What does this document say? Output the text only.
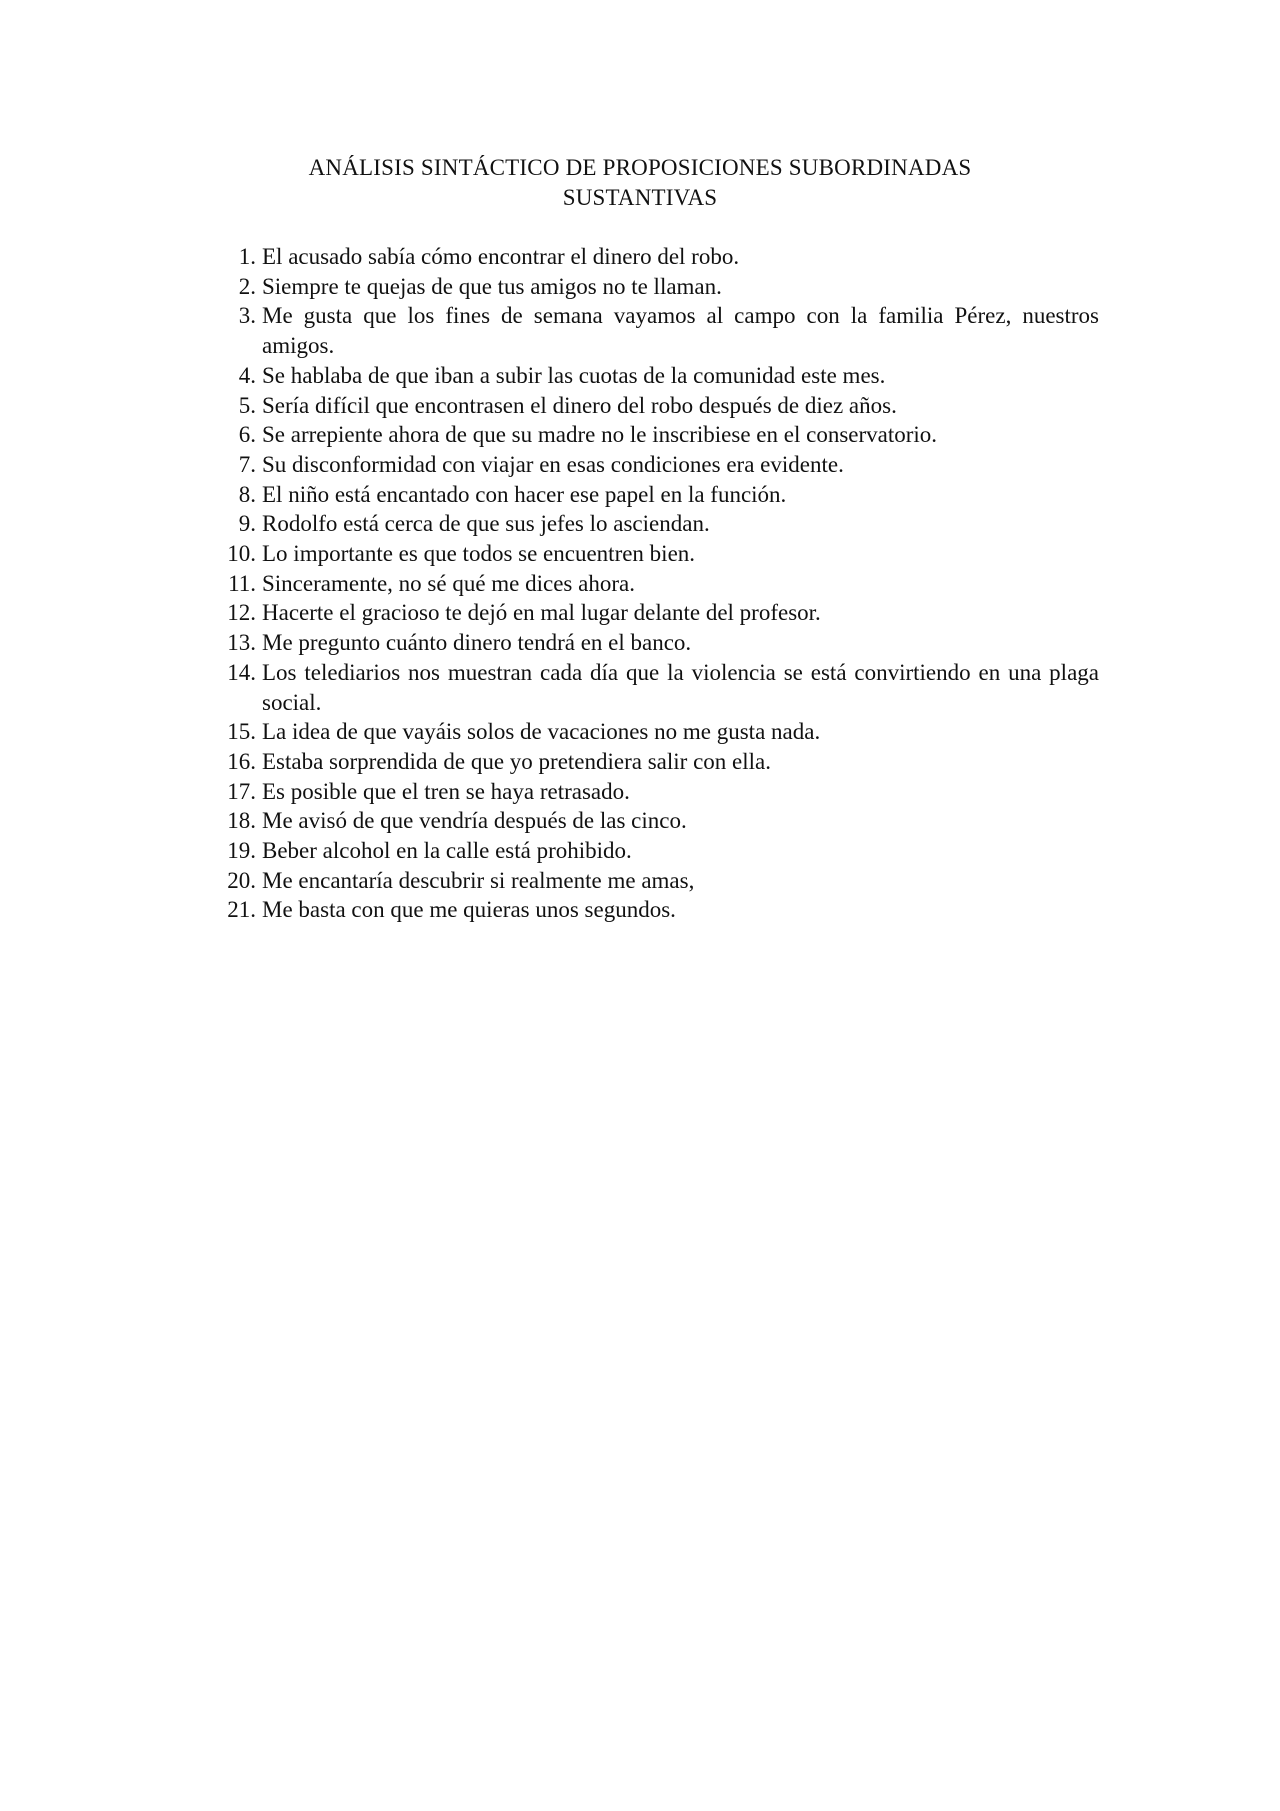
ANÁLISIS SINTÁCTICO DE PROPOSICIONES SUBORDINADAS
SUSTANTIVAS
1. El acusado sabía cómo encontrar el dinero del robo.
2. Siempre te quejas de que tus amigos no te llaman.
3. Me gusta que los fines de semana vayamos al campo con la familia Pérez, nuestros amigos.
4. Se hablaba de que iban a subir las cuotas de la comunidad este mes.
5. Sería difícil que encontrasen el dinero del robo después de diez años.
6. Se arrepiente ahora de que su madre no le inscribiese en el conservatorio.
7. Su disconformidad con viajar en esas condiciones era evidente.
8. El niño está encantado con hacer ese papel en la función.
9. Rodolfo está cerca de que sus jefes lo asciendan.
10. Lo importante es que todos se encuentren bien.
11. Sinceramente, no sé qué me dices ahora.
12. Hacerte el gracioso te dejó en mal lugar delante del profesor.
13. Me pregunto cuánto dinero tendrá en el banco.
14. Los telediarios nos muestran cada día que la violencia se está convirtiendo en una plaga social.
15. La idea de que vayáis solos de vacaciones no me gusta nada.
16. Estaba sorprendida de que yo pretendiera salir con ella.
17. Es posible que el tren se haya retrasado.
18. Me avisó de que vendría después de las cinco.
19. Beber alcohol en la calle está prohibido.
20. Me encantaría descubrir si realmente me amas,
21. Me basta con que me quieras unos segundos.
